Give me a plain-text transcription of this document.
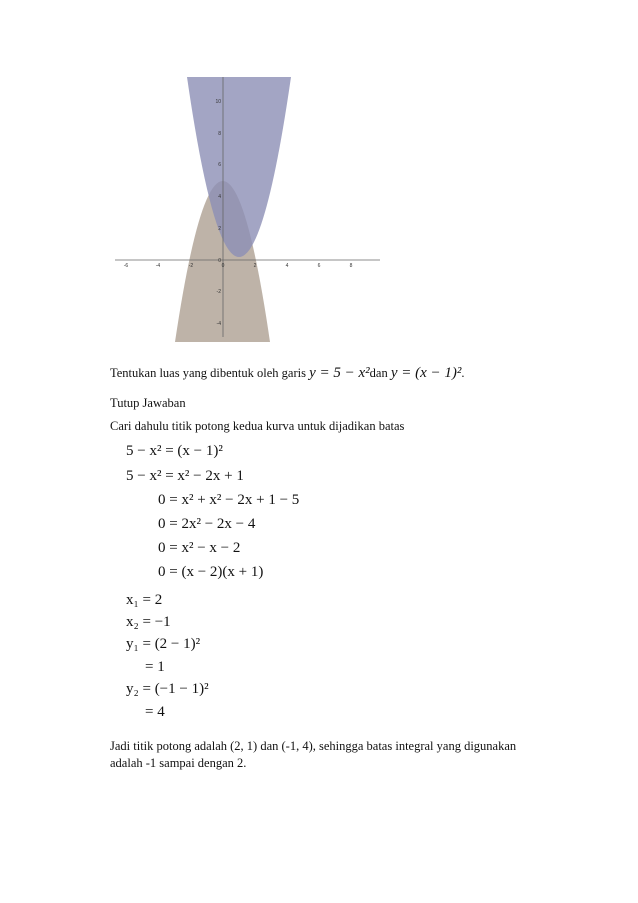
-6	-4	-2	0	2	4	6	8
10
8
6
4
2
0
-2
-4
Tentukan luas yang dibentuk oleh garis y = 5 − x²dan y = (x − 1)².
Tutup Jawaban
Cari dahulu titik potong kedua kurva untuk dijadikan batas
5 − x² = (x − 1)²
5 − x² = x² − 2x + 1
0 = x² + x² − 2x + 1 − 5
0 = 2x² − 2x − 4
0 = x² − x − 2
0 = (x − 2)(x + 1)
x₁ = 2
x₂ = −1
y₁ = (2 − 1)²
= 1
y₂ = (−1 − 1)²
= 4
Jadi titik potong adalah (2, 1) dan (-1, 4), sehingga batas integral yang digunakan
adalah -1 sampai dengan 2.
